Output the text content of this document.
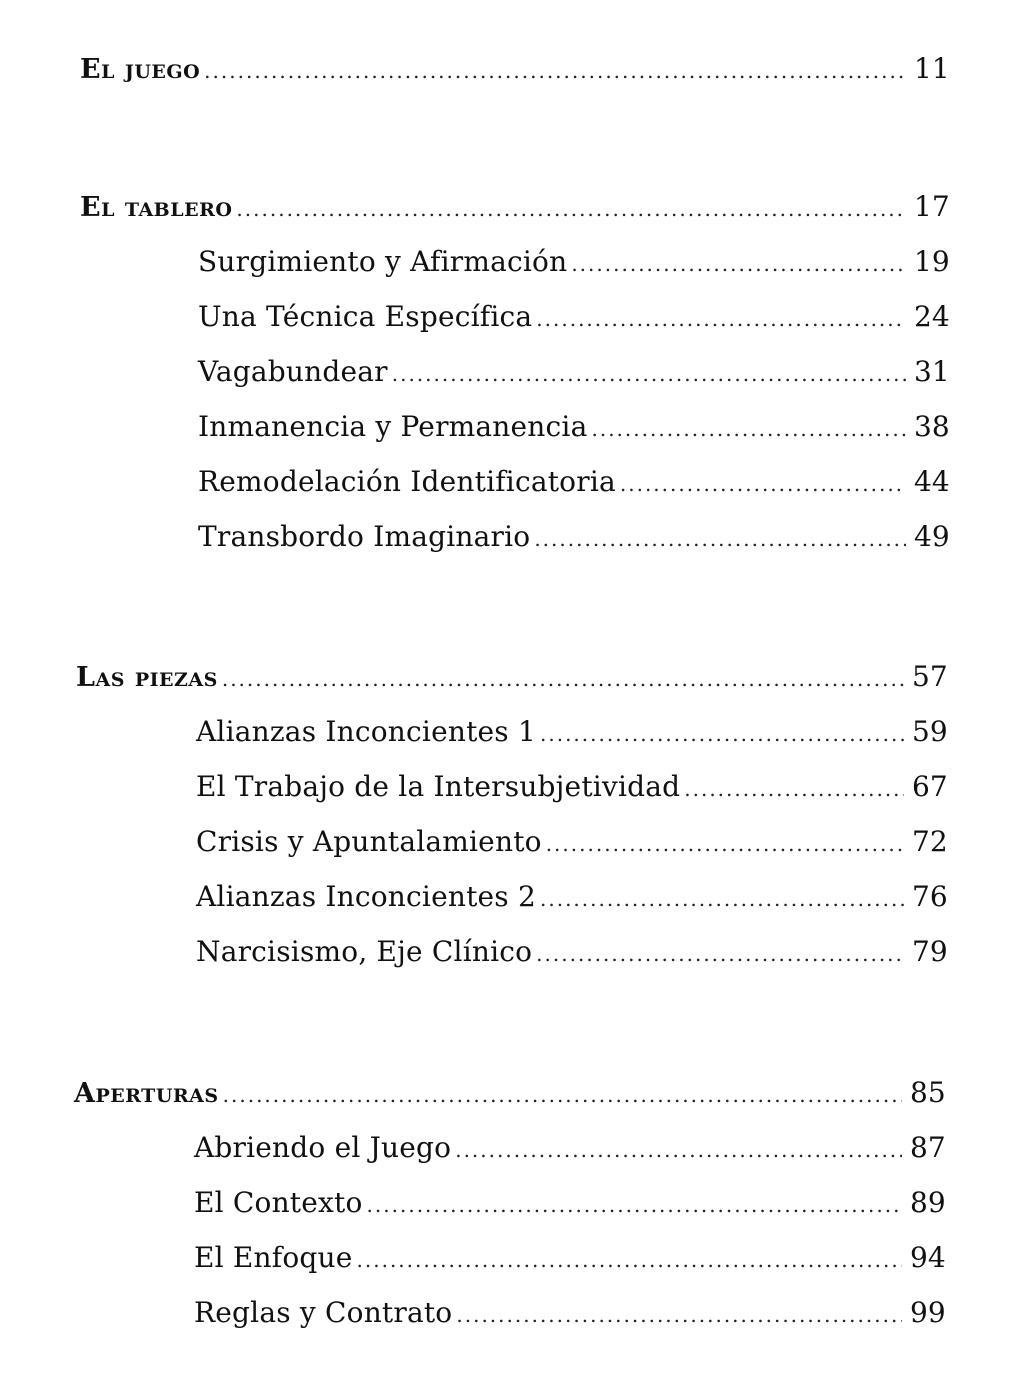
El juego .....	11
El tablero .....	17
Surgimiento y Afirmación .....	19
Una Técnica Específica .....	24
Vagabundear .....	31
Inmanencia y Permanencia .....	38
Remodelación Identificatoria .....	44
Transbordo Imaginario .....	49
Las piezas .....	57
Alianzas Inconcientes 1 .....	59
El Trabajo de la Intersubjetividad .....	67
Crisis y Apuntalamiento .....	72
Alianzas Inconcientes 2 .....	76
Narcisismo, Eje Clínico .....	79
Aperturas .....	85
Abriendo el Juego .....	87
El Contexto .....	89
El Enfoque .....	94
Reglas y Contrato .....	99
